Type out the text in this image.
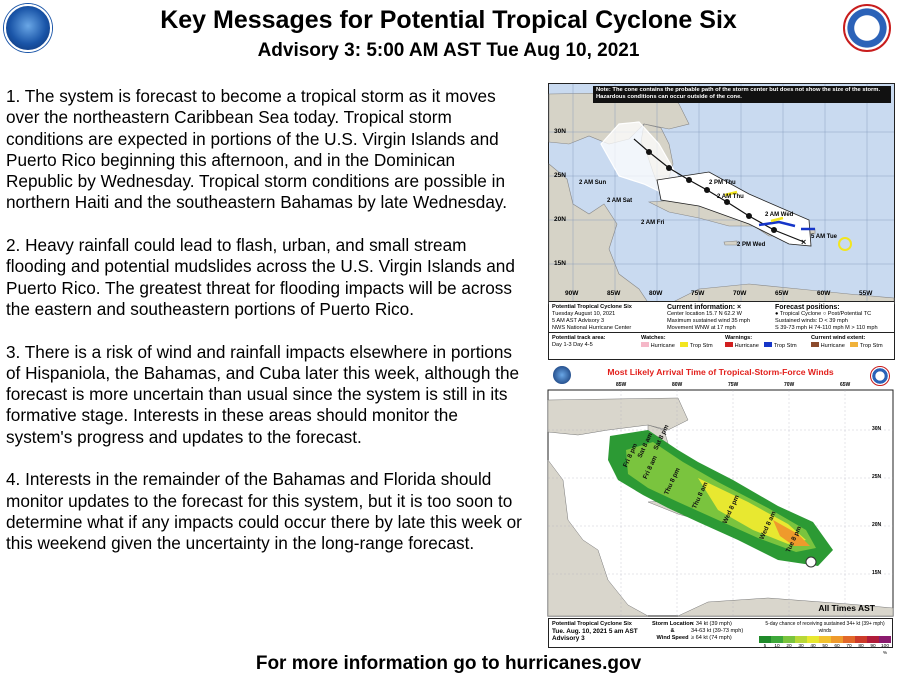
Key Messages for Potential Tropical Cyclone Six
Advisory 3: 5:00 AM AST Tue Aug 10, 2021

1. The system is forecast to become a tropical storm as it moves over the northeastern Caribbean Sea today. Tropical storm conditions are expected in portions of the U.S. Virgin Islands and Puerto Rico beginning this afternoon, and in the Dominican Republic by Wednesday. Tropical storm conditions are possible in northern Haiti and the southeastern Bahamas by late Wednesday.

2. Heavy rainfall could lead to flash, urban, and small stream flooding and potential mudslides across the U.S. Virgin Islands and Puerto Rico. The greatest threat for flooding impacts will be across the eastern and southeastern portions of Puerto Rico.

3. There is a risk of wind and rainfall impacts elsewhere in portions of Hispaniola, the Bahamas, and Cuba later this week, although the forecast is more uncertain than usual since the system is still in its formative stage. Interests in these areas should monitor the system's progress and updates to the forecast.

4. Interests in the remainder of the Bahamas and Florida should monitor updates to the forecast for this system, but it is too soon to determine what if any impacts could occur there by late this week or this weekend given the uncertainty in the long-range forecast.

×
Note: The cone contains the probable path of the storm center but does not show the size of the storm. Hazardous conditions can occur outside of the cone.
30N
25N
20N
15N
90W	85W	80W	75W	70W	65W	60W	55W
5 AM Tue
2 PM Wed
2 AM Wed
2 AM Thu
2 PM Thu
2 AM Fri
2 AM Sat
2 AM Sun
Potential Tropical Cyclone Six
Tuesday August 10, 2021
5 AM AST Advisory 3
NWS National Hurricane Center
Current information: ×
Center location 15.7 N 62.2 W
Maximum sustained wind 35 mph
Movement WNW at 17 mph
Forecast positions:
● Tropical Cyclone ○ Post/Potential TC
Sustained winds: D < 39 mph
S 39-73 mph H 74-110 mph M > 110 mph
Potential track area:
Day 1-3 Day 4-5
Watches:
Hurricane	Trop Stm
Warnings:
Hurricane	Trop Stm
Current wind extent:
Hurricane	Trop Stm
Most Likely Arrival Time of Tropical-Storm-Force Winds
85W	80W	75W	70W	65W
30N
25N
20N
15N
Tue 8 pm
Wed 8 am
Wed 8 pm
Thu 8 am
Thu 8 pm
Fri 8 am
Fri 8 pm
Sat 8 am
Sat 8 pm
All Times AST
Potential Tropical Cyclone Six
Tue. Aug. 10, 2021 5 am AST
Advisory 3
Storm Location
&
Wind Speed
< 34 kt (39 mph)
34-63 kt (39-73 mph)
≥ 64 kt (74 mph)
5-day chance of receiving sustained 34+ kt (39+ mph) winds
5	10	20	30	40	50	60	70	80	90	100 %
For more information go to hurricanes.gov
